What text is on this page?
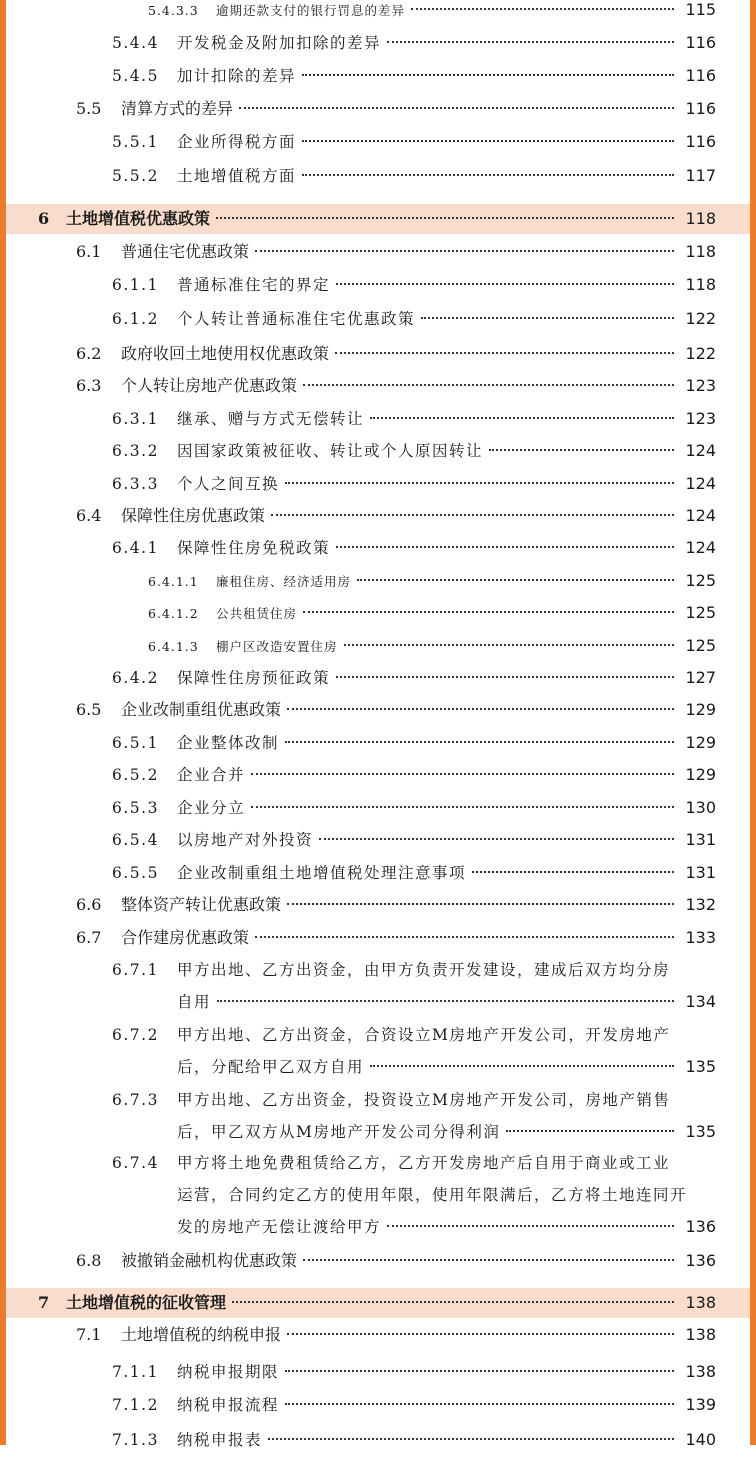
5.4.3.3	逾期还款支付的银行罚息的差异	115
5.4.4	开发税金及附加扣除的差异	116
5.4.5	加计扣除的差异	116
5.5	清算方式的差异	116
5.5.1	企业所得税方面	116
5.5.2	土地增值税方面	117
6	土地增值税优惠政策	118
6.1	普通住宅优惠政策	118
6.1.1	普通标准住宅的界定	118
6.1.2	个人转让普通标准住宅优惠政策	122
6.2	政府收回土地使用权优惠政策	122
6.3	个人转让房地产优惠政策	123
6.3.1	继承、赠与方式无偿转让	123
6.3.2	因国家政策被征收、转让或个人原因转让	124
6.3.3	个人之间互换	124
6.4	保障性住房优惠政策	124
6.4.1	保障性住房免税政策	124
6.4.1.1	廉租住房、经济适用房	125
6.4.1.2	公共租赁住房	125
6.4.1.3	棚户区改造安置住房	125
6.4.2	保障性住房预征政策	127
6.5	企业改制重组优惠政策	129
6.5.1	企业整体改制	129
6.5.2	企业合并	129
6.5.3	企业分立	130
6.5.4	以房地产对外投资	131
6.5.5	企业改制重组土地增值税处理注意事项	131
6.6	整体资产转让优惠政策	132
6.7	合作建房优惠政策	133
6.7.1	甲方出地、乙方出资金，由甲方负责开发建设，建成后双方均分房
自用	134
6.7.2	甲方出地、乙方出资金，合资设立M房地产开发公司，开发房地产
后，分配给甲乙双方自用	135
6.7.3	甲方出地、乙方出资金，投资设立M房地产开发公司，房地产销售
后，甲乙双方从M房地产开发公司分得利润	135
6.7.4	甲方将土地免费租赁给乙方，乙方开发房地产后自用于商业或工业
运营，合同约定乙方的使用年限，使用年限满后，乙方将土地连同开
发的房地产无偿让渡给甲方	136
6.8	被撤销金融机构优惠政策	136
7	土地增值税的征收管理	138
7.1	土地增值税的纳税申报	138
7.1.1	纳税申报期限	138
7.1.2	纳税申报流程	139
7.1.3	纳税申报表	140
